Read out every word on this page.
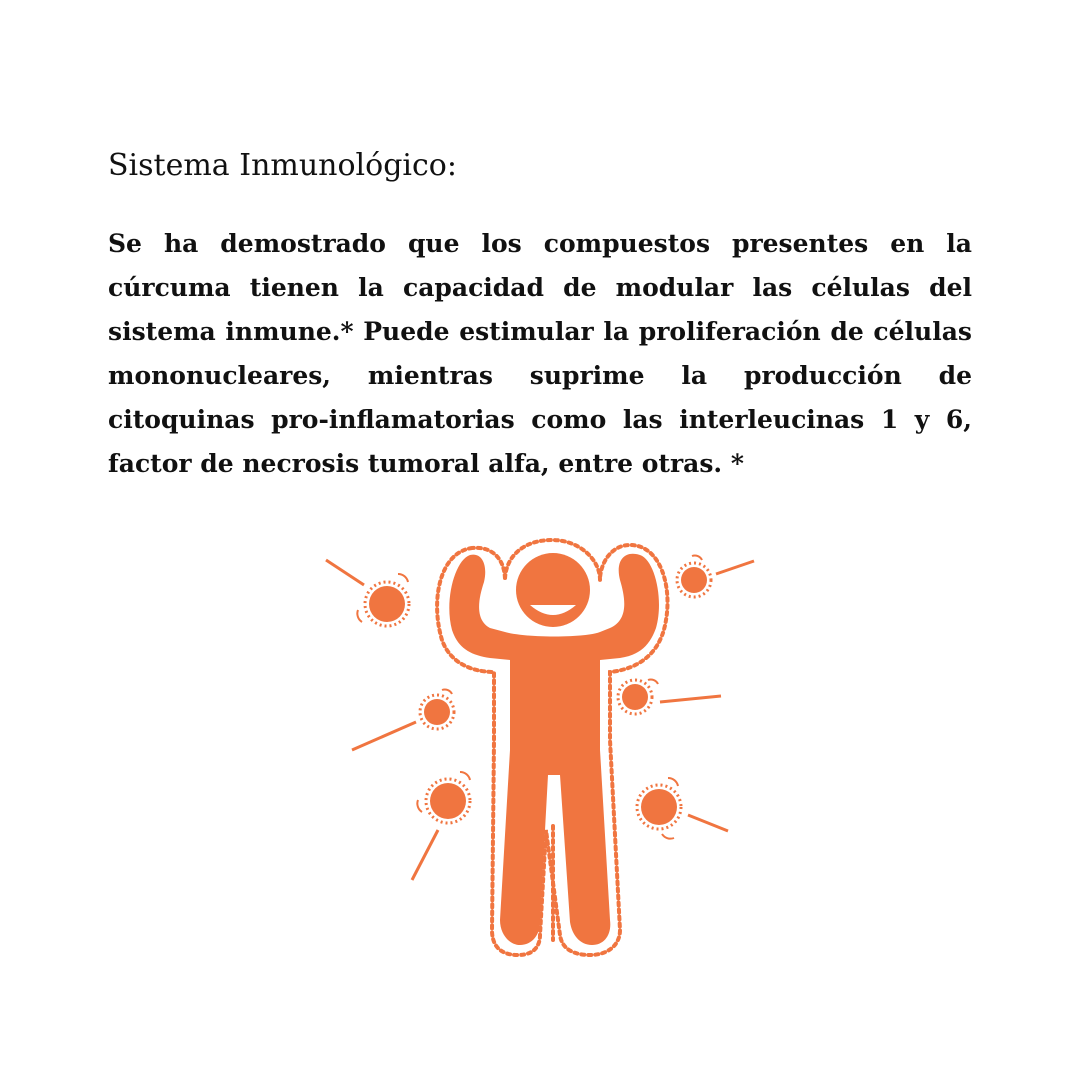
Sistema Inmunológico:

Se ha demostrado que los compuestos presentes en la cúrcuma tienen la capacidad de modular las células del sistema inmune.* Puede estimular la proliferación de células mononucleares, mientras suprime la producción de citoquinas pro-inflamatorias como las interleucinas 1 y 6, factor de necrosis tumoral alfa, entre otras. *
